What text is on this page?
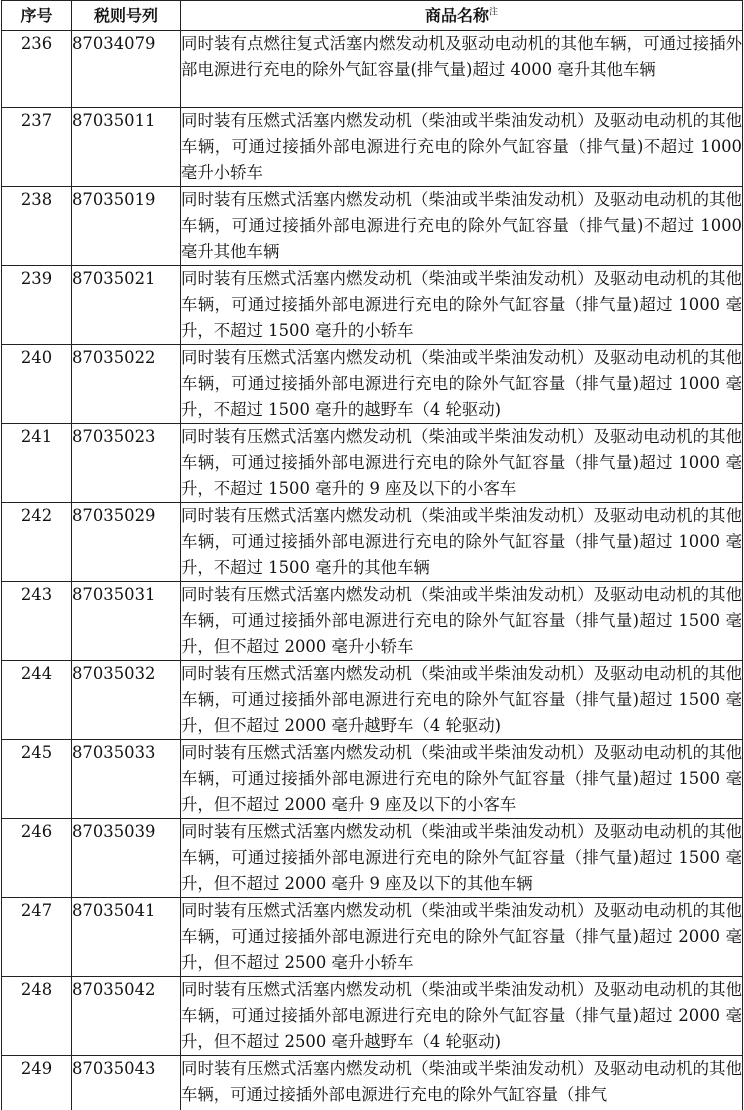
序号	税则号列	商品名称$^注$
236	87034079	同时装有点燃往复式活塞内燃发动机及驱动电动机的其他车辆，可通过接插外部电源进行充电的除外气缸容量(排气量)超过 4000 毫升其他车辆
237	87035011	同时装有压燃式活塞内燃发动机（柴油或半柴油发动机）及驱动电动机的其他车辆，可通过接插外部电源进行充电的除外气缸容量（排气量)不超过 1000 毫升小轿车
238	87035019	同时装有压燃式活塞内燃发动机（柴油或半柴油发动机）及驱动电动机的其他车辆，可通过接插外部电源进行充电的除外气缸容量（排气量)不超过 1000 毫升其他车辆
239	87035021	同时装有压燃式活塞内燃发动机（柴油或半柴油发动机）及驱动电动机的其他车辆，可通过接插外部电源进行充电的除外气缸容量（排气量)超过 1000 毫升，不超过 1500 毫升的小轿车
240	87035022	同时装有压燃式活塞内燃发动机（柴油或半柴油发动机）及驱动电动机的其他车辆，可通过接插外部电源进行充电的除外气缸容量（排气量)超过 1000 毫升，不超过 1500 毫升的越野车（4 轮驱动)
241	87035023	同时装有压燃式活塞内燃发动机（柴油或半柴油发动机）及驱动电动机的其他车辆，可通过接插外部电源进行充电的除外气缸容量（排气量)超过 1000 毫升，不超过 1500 毫升的 9 座及以下的小客车
242	87035029	同时装有压燃式活塞内燃发动机（柴油或半柴油发动机）及驱动电动机的其他车辆，可通过接插外部电源进行充电的除外气缸容量（排气量)超过 1000 毫升，不超过 1500 毫升的其他车辆
243	87035031	同时装有压燃式活塞内燃发动机（柴油或半柴油发动机）及驱动电动机的其他车辆，可通过接插外部电源进行充电的除外气缸容量（排气量)超过 1500 毫升，但不超过 2000 毫升小轿车
244	87035032	同时装有压燃式活塞内燃发动机（柴油或半柴油发动机）及驱动电动机的其他车辆，可通过接插外部电源进行充电的除外气缸容量（排气量)超过 1500 毫升，但不超过 2000 毫升越野车（4 轮驱动)
245	87035033	同时装有压燃式活塞内燃发动机（柴油或半柴油发动机）及驱动电动机的其他车辆，可通过接插外部电源进行充电的除外气缸容量（排气量)超过 1500 毫升，但不超过 2000 毫升 9 座及以下的小客车
246	87035039	同时装有压燃式活塞内燃发动机（柴油或半柴油发动机）及驱动电动机的其他车辆，可通过接插外部电源进行充电的除外气缸容量（排气量)超过 1500 毫升，但不超过 2000 毫升 9 座及以下的其他车辆
247	87035041	同时装有压燃式活塞内燃发动机（柴油或半柴油发动机）及驱动电动机的其他车辆，可通过接插外部电源进行充电的除外气缸容量（排气量)超过 2000 毫升，但不超过 2500 毫升小轿车
248	87035042	同时装有压燃式活塞内燃发动机（柴油或半柴油发动机）及驱动电动机的其他车辆，可通过接插外部电源进行充电的除外气缸容量（排气量)超过 2000 毫升，但不超过 2500 毫升越野车（4 轮驱动)
249	87035043	同时装有压燃式活塞内燃发动机（柴油或半柴油发动机）及驱动电动机的其他车辆，可通过接插外部电源进行充电的除外气缸容量（排气
